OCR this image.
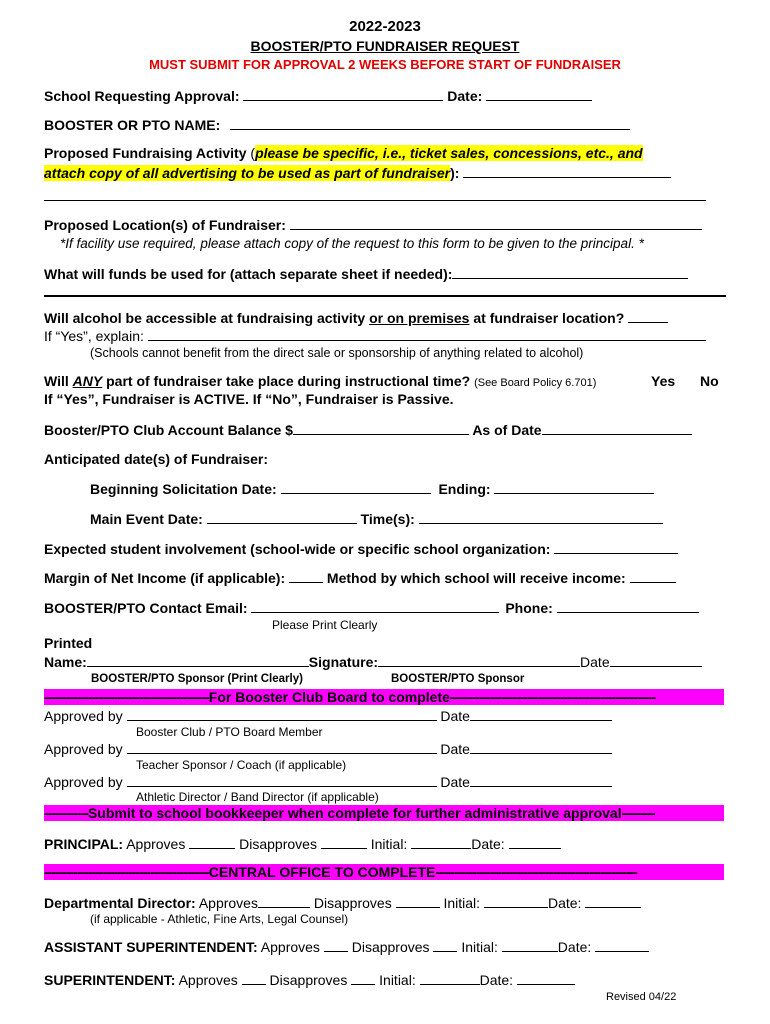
2022-2023
BOOSTER/PTO FUNDRAISER REQUEST
MUST SUBMIT FOR APPROVAL 2 WEEKS BEFORE START OF FUNDRAISER
School Requesting Approval:	Date:
BOOSTER OR PTO NAME:
Proposed Fundraising Activity (please be specific, i.e., ticket sales, concessions, etc., and
attach copy of all advertising to be used as part of fundraiser):
Proposed Location(s) of Fundraiser:
*If facility use required, please attach copy of the request to this form to be given to the principal. *
What will funds be used for (attach separate sheet if needed):
Will alcohol be accessible at fundraising activity or on premises at fundraiser location?
If “Yes”, explain:
(Schools cannot benefit from the direct sale or sponsorship of anything related to alcohol)
Will ANY part of fundraiser take place during instructional time? (See Board Policy 6.701)	Yes No
If “Yes”, Fundraiser is ACTIVE. If “No”, Fundraiser is Passive.
Booster/PTO Club Account Balance $	As of Date
Anticipated date(s) of Fundraiser:
Beginning Solicitation Date:	Ending:
Main Event Date:	Time(s):
Expected student involvement (school-wide or specific school organization:
Margin of Net Income (if applicable):	Method by which school will receive income:
BOOSTER/PTO Contact Email:	Phone:
Please Print Clearly
Printed
Name:	Signature:	Date
BOOSTER/PTO Sponsor (Print Clearly)	BOOSTER/PTO Sponsor
---------------------------------------------For Booster Club Board to complete--------------------------------------------------------
Approved by	Date
Booster Club / PTO Board Member
Approved by	Date
Teacher Sponsor / Coach (if applicable)
Approved by	Date
Athletic Director / Band Director (if applicable)
------------Submit to school bookkeeper when complete for further administrative approval---------
PRINCIPAL: Approves	Disapproves	Initial:	Date:
---------------------------------------------CENTRAL OFFICE TO COMPLETE-------------------------------------------------------
Departmental Director: Approves	Disapproves	Initial:	Date:
(if applicable - Athletic, Fine Arts, Legal Counsel)
ASSISTANT SUPERINTENDENT: Approves Disapproves Initial:	Date:
SUPERINTENDENT: Approves Disapproves Initial:	Date:
Revised 04/22
